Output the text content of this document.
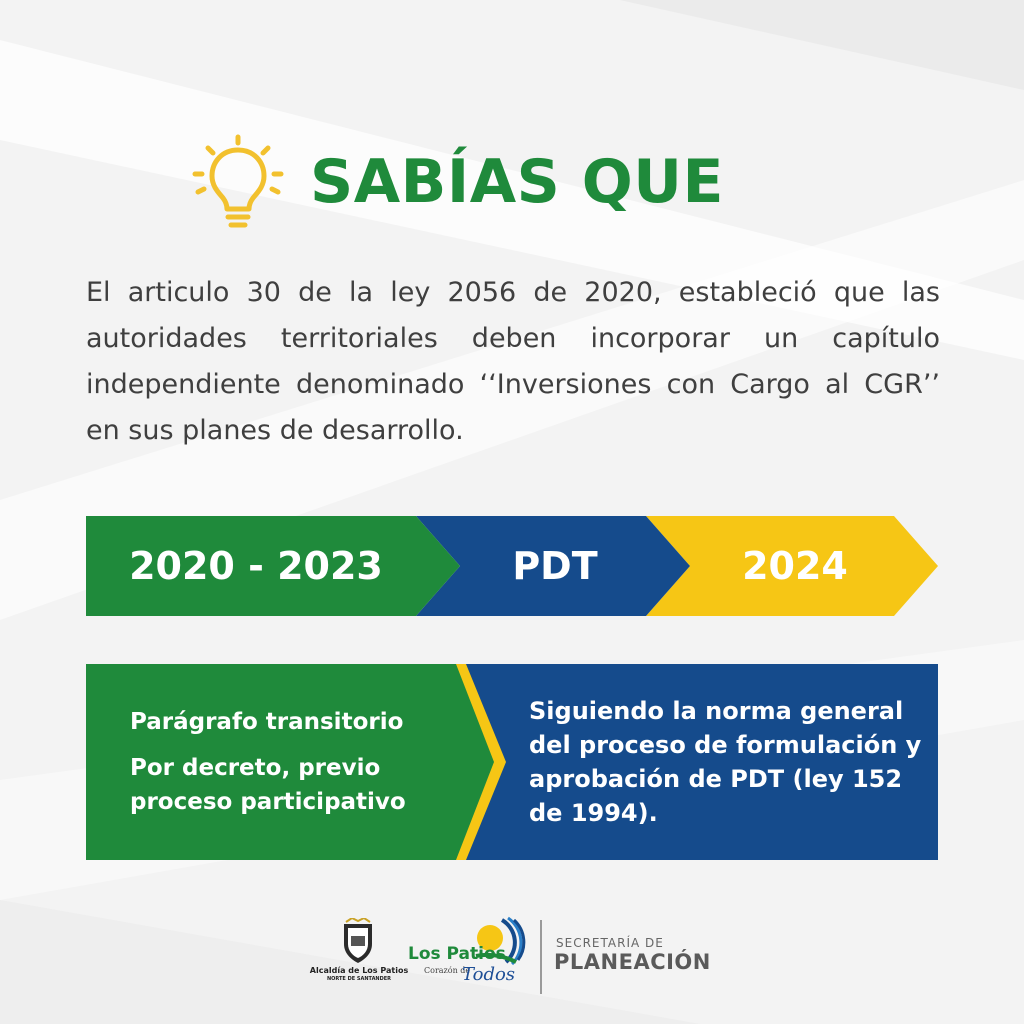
SABÍAS QUE

El articulo 30 de la ley 2056 de 2020, estableció que las autoridades territoriales deben incorporar un capítulo independiente denominado ‘‘Inversiones con Cargo al CGR’’ en sus planes de desarrollo.

2020 - 2023	PDT	2024
Parágrafo transitorio
Por decreto, previo proceso participativo
Siguiendo la norma general del proceso de formulación y aprobación de PDT (ley 152 de 1994).
Alcaldía de Los Patios
NORTE DE SANTANDER
Los Patios
Corazón de
Todos
SECRETARÍA DE
PLANEACIÓN
